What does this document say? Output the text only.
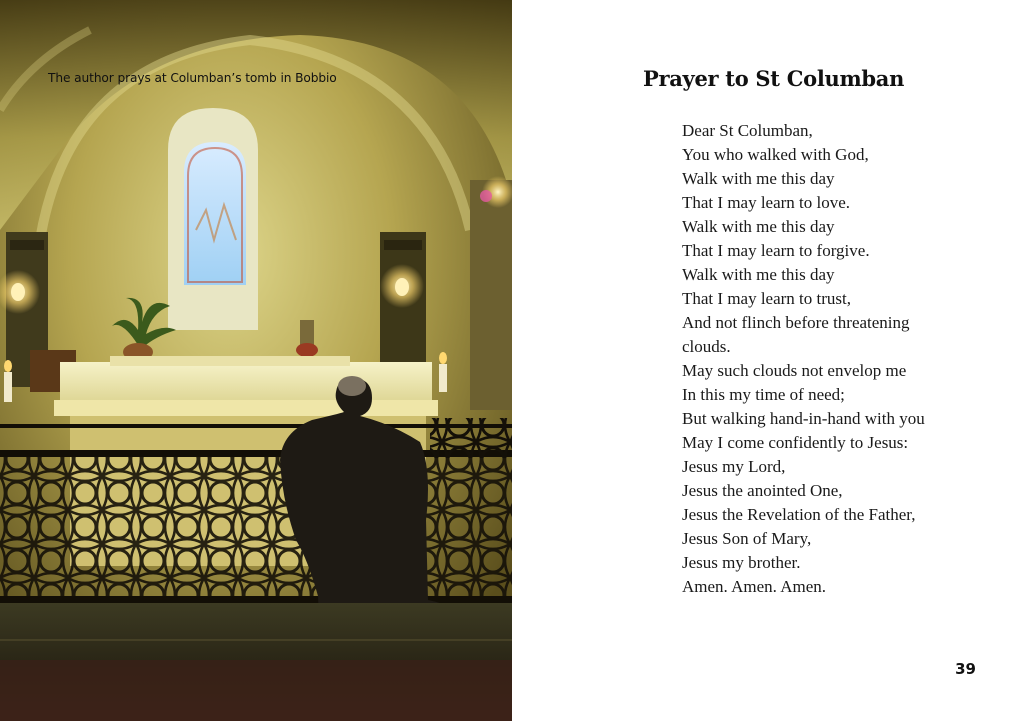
The author prays at Columban’s tomb in Bobbio	Prayer to St Columban
Dear St Columban,
You who walked with God,
Walk with me this day
That I may learn to love.
Walk with me this day
That I may learn to forgive.
Walk with me this day
That I may learn to trust,
And not flinch before threatening
clouds.
May such clouds not envelop me
In this my time of need;
But walking hand-in-hand with you
May I come confidently to Jesus:
Jesus my Lord,
Jesus the anointed One,
Jesus the Revelation of the Father,
Jesus Son of Mary,
Jesus my brother.
Amen. Amen. Amen.
39
